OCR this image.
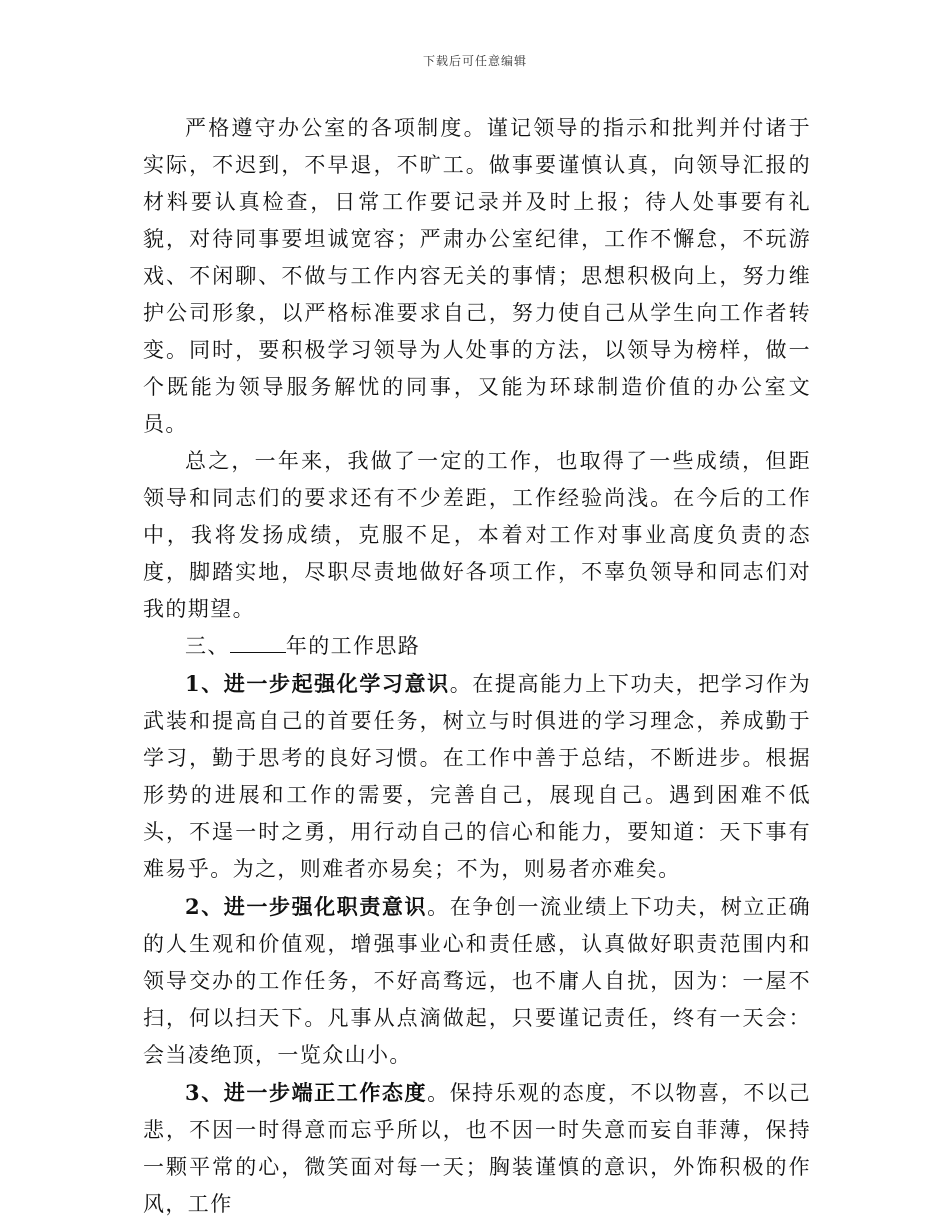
下载后可任意编辑

严格遵守办公室的各项制度。谨记领导的指示和批判并付诸于实际，不迟到，不早退，不旷工。做事要谨慎认真，向领导汇报的材料要认真检查，日常工作要记录并及时上报；待人处事要有礼貌，对待同事要坦诚宽容；严肃办公室纪律，工作不懈怠，不玩游戏、不闲聊、不做与工作内容无关的事情；思想积极向上，努力维护公司形象，以严格标准要求自己，努力使自己从学生向工作者转变。同时，要积极学习领导为人处事的方法，以领导为榜样，做一个既能为领导服务解忧的同事，又能为环球制造价值的办公室文员。

总之，一年来，我做了一定的工作，也取得了一些成绩，但距领导和同志们的要求还有不少差距，工作经验尚浅。在今后的工作中，我将发扬成绩，克服不足，本着对工作对事业高度负责的态度，脚踏实地，尽职尽责地做好各项工作，不辜负领导和同志们对我的期望。

三、	年的工作思路

1、进一步起强化学习意识。在提高能力上下功夫，把学习作为武装和提高自己的首要任务，树立与时俱进的学习理念，养成勤于学习，勤于思考的良好习惯。在工作中善于总结，不断进步。根据形势的进展和工作的需要，完善自己，展现自己。遇到困难不低头，不逞一时之勇，用行动自己的信心和能力，要知道：天下事有难易乎。为之，则难者亦易矣；不为，则易者亦难矣。

2、进一步强化职责意识。在争创一流业绩上下功夫，树立正确的人生观和价值观，增强事业心和责任感，认真做好职责范围内和领导交办的工作任务，不好高骛远，也不庸人自扰，因为：一屋不扫，何以扫天下。凡事从点滴做起，只要谨记责任，终有一天会：会当凌绝顶，一览众山小。

3、进一步端正工作态度。保持乐观的态度，不以物喜，不以己悲，不因一时得意而忘乎所以，也不因一时失意而妄自菲薄，保持一颗平常的心，微笑面对每一天；胸装谨慎的意识，外饰积极的作风，工作
